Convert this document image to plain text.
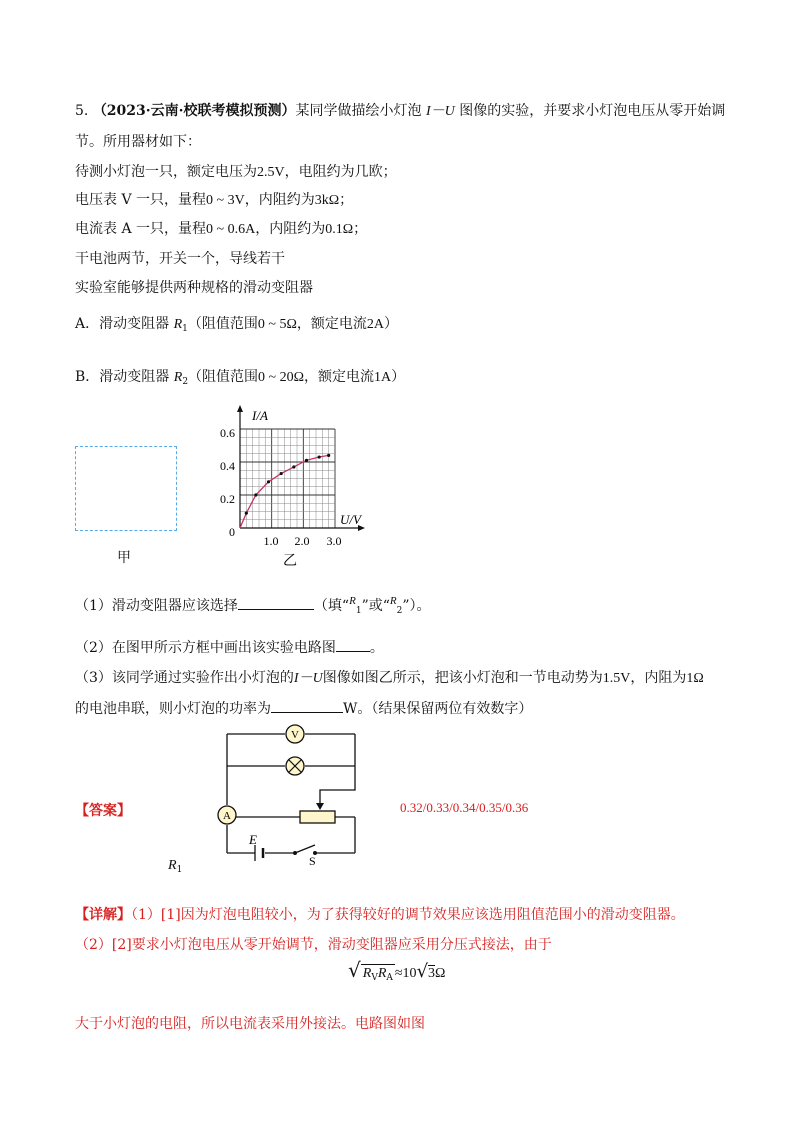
5. （2023·云南·校联考模拟预测）某同学做描绘小灯泡 I－U 图像的实验，并要求小灯泡电压从零开始调
节。所用器材如下：
待测小灯泡一只，额定电压为2.5V，电阻约为几欧；
电压表 V 一只，量程0 ~ 3V，内阻约为3kΩ；
电流表 A 一只，量程0 ~ 0.6A，内阻约为0.1Ω；
干电池两节，开关一个，导线若干
实验室能够提供两种规格的滑动变阻器
A．滑动变阻器 $R_1$（阻值范围0 ~ 5Ω，额定电流2A）
B．滑动变阻器 $R_2$（阻值范围0 ~ 20Ω，额定电流1A）
甲
I/A
U/V
0.6
0.4
0.2
0
1.0 2.0 3.0
乙
（1）滑动变阻器应该选择	（填“$^R_1$”或“$^R_2$”）。
（2）在图甲所示方框中画出该实验电路图 。
（3）该同学通过实验作出小灯泡的I－U图像如图乙所示，把该小灯泡和一节电动势为1.5V，内阻为1Ω
的电池串联，则小灯泡的功率为	W。（结果保留两位有效数字）
【答案】
$R_1$
0.32/0.33/0.34/0.35/0.36
V
A
E
S
【详解】（1）[1]因为灯泡电阻较小，为了获得较好的调节效果应该选用阻值范围小的滑动变阻器。
（2）[2]要求小灯泡电压从零开始调节，滑动变阻器应采用分压式接法，由于
√ $R_VR_A \approx 10√3\Omega$
大于小灯泡的电阻，所以电流表采用外接法。电路图如图
